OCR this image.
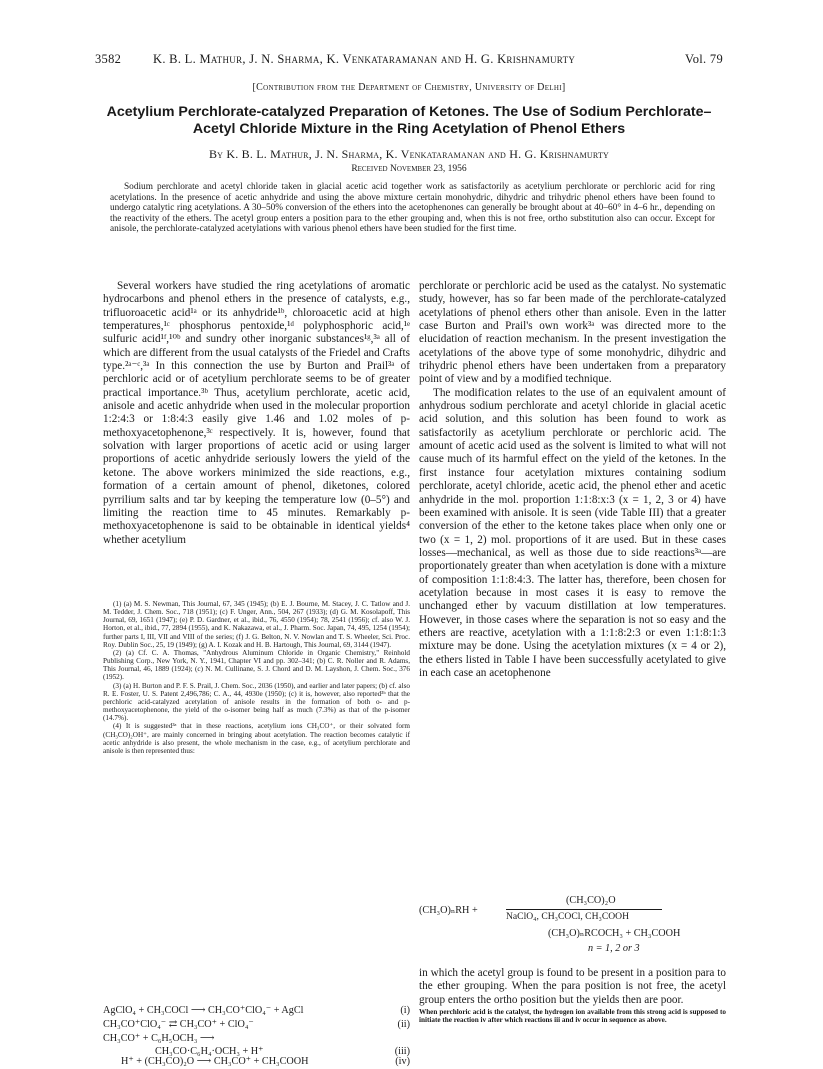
3582	K. B. L. Mathur, J. N. Sharma, K. Venkataramanan and H. G. Krishnamurty	Vol. 79
[Contribution from the Department of Chemistry, University of Delhi]
Acetylium Perchlorate-catalyzed Preparation of Ketones. The Use of Sodium Perchlorate–Acetyl Chloride Mixture in the Ring Acetylation of Phenol Ethers
By K. B. L. Mathur, J. N. Sharma, K. Venkataramanan and H. G. Krishnamurty
Received November 23, 1956
Sodium perchlorate and acetyl chloride taken in glacial acetic acid together work as satisfactorily as acetylium perchlorate or perchloric acid for ring acetylations. In the presence of acetic anhydride and using the above mixture certain monohydric, dihydric and trihydric phenol ethers have been found to undergo catalytic ring acetylations. A 30–50% conversion of the ethers into the acetophenones can generally be brought about at 40–60° in 4–6 hr., depending on the reactivity of the ethers. The acetyl group enters a position para to the ether grouping and, when this is not free, ortho substitution also can occur. Except for anisole, the perchlorate-catalyzed acetylations with various phenol ethers have been studied for the first time.

Several workers have studied the ring acetylations of aromatic hydrocarbons and phenol ethers in the presence of catalysts, e.g., trifluoroacetic acid¹ᵃ or its anhydride¹ᵇ, chloroacetic acid at high temperatures,¹ᶜ phosphorus pentoxide,¹ᵈ polyphosphoric acid,¹ᵉ sulfuric acid¹ᶠ,¹⁰ᵇ and sundry other inorganic substances¹ᵍ,³ᵃ all of which are different from the usual catalysts of the Friedel and Crafts type.²ᵃ⁻ᶜ,³ᵃ In this connection the use by Burton and Prail³ᵃ of perchloric acid or of acetylium perchlorate seems to be of greater practical importance.³ᵇ Thus, acetylium perchlorate, acetic acid, anisole and acetic anhydride when used in the molecular proportion 1:2:4:3 or 1:8:4:3 easily give 1.46 and 1.02 moles of p-methoxyacetophenone,³ᶜ respectively. It is, however, found that solvation with larger proportions of acetic acid or using larger proportions of acetic anhydride seriously lowers the yield of the ketone. The above workers minimized the side reactions, e.g., formation of a certain amount of phenol, diketones, colored pyrrilium salts and tar by keeping the temperature low (0–5°) and limiting the reaction time to 45 minutes. Remarkably p-methoxyacetophenone is said to be obtainable in identical yields⁴ whether acetylium

(1) (a) M. S. Newman, This Journal, 67, 345 (1945); (b) E. J. Bourne, M. Stacey, J. C. Tatlow and J. M. Tedder, J. Chem. Soc., 718 (1951); (c) F. Unger, Ann., 504, 267 (1933); (d) G. M. Kosolapoff, This Journal, 69, 1651 (1947); (e) P. D. Gardner, et al., ibid., 76, 4550 (1954); 78, 2541 (1956); cf. also W. J. Horton, et al., ibid., 77, 2894 (1955), and K. Nakazawa, et al., J. Pharm. Soc. Japan, 74, 495, 1254 (1954); further parts I, III, VII and VIII of the series; (f) J. G. Belton, N. V. Nowlan and T. S. Wheeler, Sci. Proc. Roy. Dublin Soc., 25, 19 (1949); (g) A. I. Kozak and H. B. Hartough, This Journal, 69, 3144 (1947).
(2) (a) Cf. C. A. Thomas, "Anhydrous Aluminum Chloride in Organic Chemistry," Reinhold Publishing Corp., New York, N. Y., 1941, Chapter VI and pp. 302–341; (b) C. R. Noller and R. Adams, This Journal, 46, 1889 (1924); (c) N. M. Cullinane, S. J. Chord and D. M. Layshon, J. Chem. Soc., 376 (1952).
(3) (a) H. Burton and P. F. S. Prail, J. Chem. Soc., 2036 (1950), and earlier and later papers; (b) cf. also R. E. Foster, U. S. Patent 2,496,786; C. A., 44, 4930e (1950); (c) it is, however, also reported³ᵇ that the perchloric acid-catalyzed acetylation of anisole results in the formation of both o- and p-methoxyacetophenone, the yield of the o-isomer being half as much (7.3%) as that of the p-isomer (14.7%).
(4) It is suggested³ᵃ that in these reactions, acetylium ions CH₃CO⁺, or their solvated form (CH₃CO)₂OH⁺, are mainly concerned in bringing about acetylation. The reaction becomes catalytic if acetic anhydride is also present, the whole mechanism in the case, e.g., of acetylium perchlorate and anisole is then represented thus:
AgClO₄ + CH₃COCl ⟶ CH₃CO⁺ClO₄⁻ + AgCl	(i)
CH₃CO⁺ClO₄⁻ ⇄ CH₃CO⁺ + ClO₄⁻	(ii)
CH₃CO⁺ + C₆H₅OCH₃ ⟶
CH₃CO·C₆H₄·OCH₃ + H⁺	(iii)
H⁺ + (CH₃CO)₂O ⟶ CH₃CO⁺ + CH₃COOH	(iv)

perchlorate or perchloric acid be used as the catalyst. No systematic study, however, has so far been made of the perchlorate-catalyzed acetylations of phenol ethers other than anisole. Even in the latter case Burton and Prail's own work³ᵃ was directed more to the elucidation of reaction mechanism. In the present investigation the acetylations of the above type of some monohydric, dihydric and trihydric phenol ethers have been undertaken from a preparatory point of view and by a modified technique.

The modification relates to the use of an equivalent amount of anhydrous sodium perchlorate and acetyl chloride in glacial acetic acid solution, and this solution has been found to work as satisfactorily as acetylium perchlorate or perchloric acid. The amount of acetic acid used as the solvent is limited to what will not cause much of its harmful effect on the yield of the ketones. In the first instance four acetylation mixtures containing sodium perchlorate, acetyl chloride, acetic acid, the phenol ether and acetic anhydride in the mol. proportion 1:1:8:x:3 (x = 1, 2, 3 or 4) have been examined with anisole. It is seen (vide Table III) that a greater conversion of the ether to the ketone takes place when only one or two (x = 1, 2) mol. proportions of it are used. But in these cases losses—mechanical, as well as those due to side reactions³ᵃ—are proportionately greater than when acetylation is done with a mixture of composition 1:1:8:4:3. The latter has, therefore, been chosen for acetylation because in most cases it is easy to remove the unchanged ether by vacuum distillation at low temperatures. However, in those cases where the separation is not so easy and the ethers are reactive, acetylation with a 1:1:8:2:3 or even 1:1:8:1:3 mixture may be done. Using the acetylation mixtures (x = 4 or 2), the ethers listed in Table I have been successfully acetylated to give in each case an acetophenone

(CH₃CO)₂O
(CH₃O)ₙRH +
NaClO₄, CH₃COCl, CH₃COOH
(CH₃O)ₙRCOCH₃ + CH₃COOH
n = 1, 2 or 3
in which the acetyl group is found to be present in a position para to the ether grouping. When the para position is not free, the acetyl group enters the ortho position but the yields then are poor.
When perchloric acid is the catalyst, the hydrogen ion available from this strong acid is supposed to initiate the reaction iv after which reactions iii and iv occur in sequence as above.
